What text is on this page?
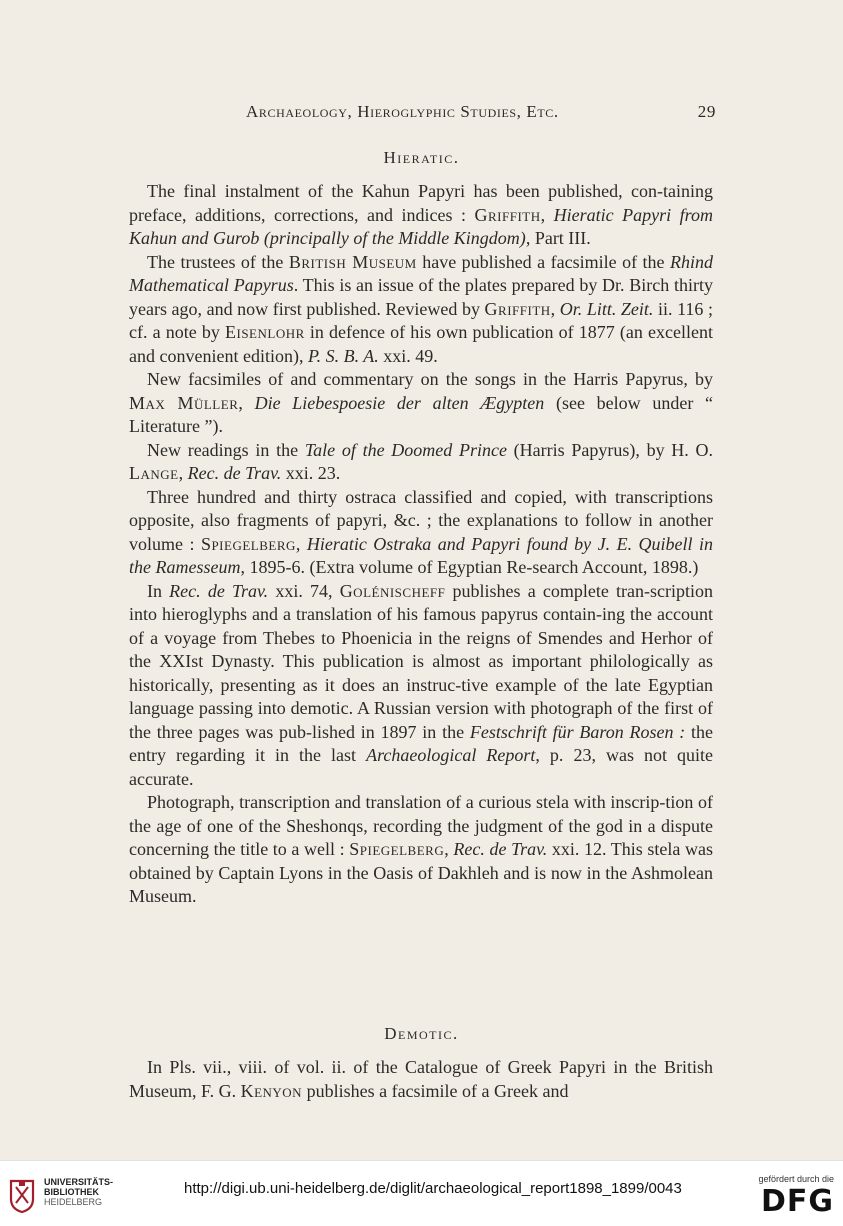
Archaeology, Hieroglyphic Studies, Etc.	29
Hieratic.

The final instalment of the Kahun Papyri has been published, con-taining preface, additions, corrections, and indices : Griffith, Hieratic Papyri from Kahun and Gurob (principally of the Middle Kingdom), Part III.

The trustees of the British Museum have published a facsimile of the Rhind Mathematical Papyrus. This is an issue of the plates prepared by Dr. Birch thirty years ago, and now first published. Reviewed by Griffith, Or. Litt. Zeit. ii. 116 ; cf. a note by Eisenlohr in defence of his own publication of 1877 (an excellent and convenient edition), P. S. B. A. xxi. 49.

New facsimiles of and commentary on the songs in the Harris Papyrus, by Max Müller, Die Liebespoesie der alten Ægypten (see below under “ Literature ”).

New readings in the Tale of the Doomed Prince (Harris Papyrus), by H. O. Lange, Rec. de Trav. xxi. 23.

Three hundred and thirty ostraca classified and copied, with transcriptions opposite, also fragments of papyri, &c. ; the explanations to follow in another volume : Spiegelberg, Hieratic Ostraka and Papyri found by J. E. Quibell in the Ramesseum, 1895-6. (Extra volume of Egyptian Re-search Account, 1898.)

In Rec. de Trav. xxi. 74, Golénischeff publishes a complete tran-scription into hieroglyphs and a translation of his famous papyrus contain-ing the account of a voyage from Thebes to Phoenicia in the reigns of Smendes and Herhor of the XXIst Dynasty. This publication is almost as important philologically as historically, presenting as it does an instruc-tive example of the late Egyptian language passing into demotic. A Russian version with photograph of the first of the three pages was pub-lished in 1897 in the Festschrift für Baron Rosen : the entry regarding it in the last Archaeological Report, p. 23, was not quite accurate.

Photograph, transcription and translation of a curious stela with inscrip-tion of the age of one of the Sheshonqs, recording the judgment of the god in a dispute concerning the title to a well : Spiegelberg, Rec. de Trav. xxi. 12. This stela was obtained by Captain Lyons in the Oasis of Dakhleh and is now in the Ashmolean Museum.

Demotic.

In Pls. vii., viii. of vol. ii. of the Catalogue of Greek Papyri in the British Museum, F. G. Kenyon publishes a facsimile of a Greek and

UNIVERSITÄTS-
BIBLIOTHEK
HEIDELBERG
http://digi.ub.uni-heidelberg.de/diglit/archaeological_report1898_1899/0043
gefördert durch die
DFG
